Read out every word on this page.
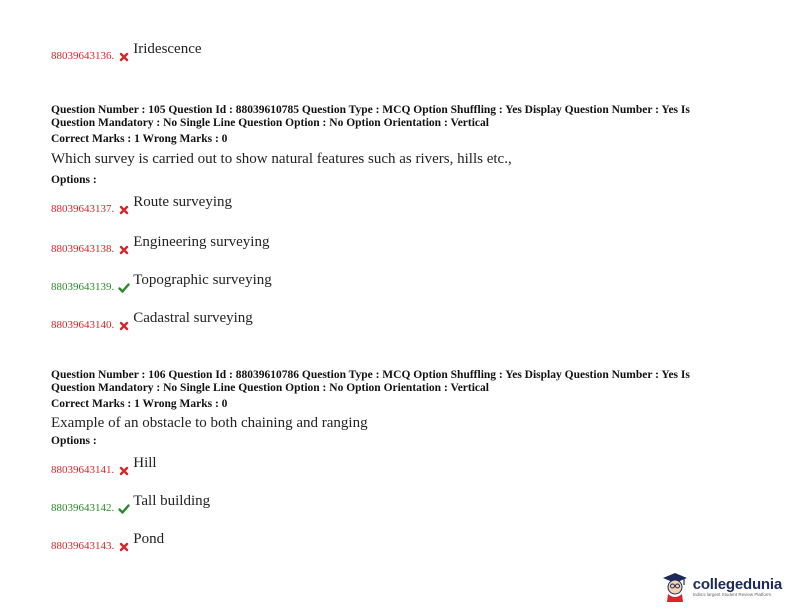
88039643136. Iridescence
Question Number : 105 Question Id : 88039610785 Question Type : MCQ Option Shuffling : Yes Display Question Number : Yes Is
Question Mandatory : No Single Line Question Option : No Option Orientation : Vertical
Correct Marks : 1 Wrong Marks : 0
Which survey is carried out to show natural features such as rivers, hills etc.,
Options :
88039643137. Route surveying
88039643138. Engineering surveying
88039643139. Topographic surveying
88039643140. Cadastral surveying
Question Number : 106 Question Id : 88039610786 Question Type : MCQ Option Shuffling : Yes Display Question Number : Yes Is
Question Mandatory : No Single Line Question Option : No Option Orientation : Vertical
Correct Marks : 1 Wrong Marks : 0
Example of an obstacle to both chaining and ranging
Options :
88039643141. Hill
88039643142. Tall building
88039643143. Pond
collegedunia
India's largest Student Review Platform
